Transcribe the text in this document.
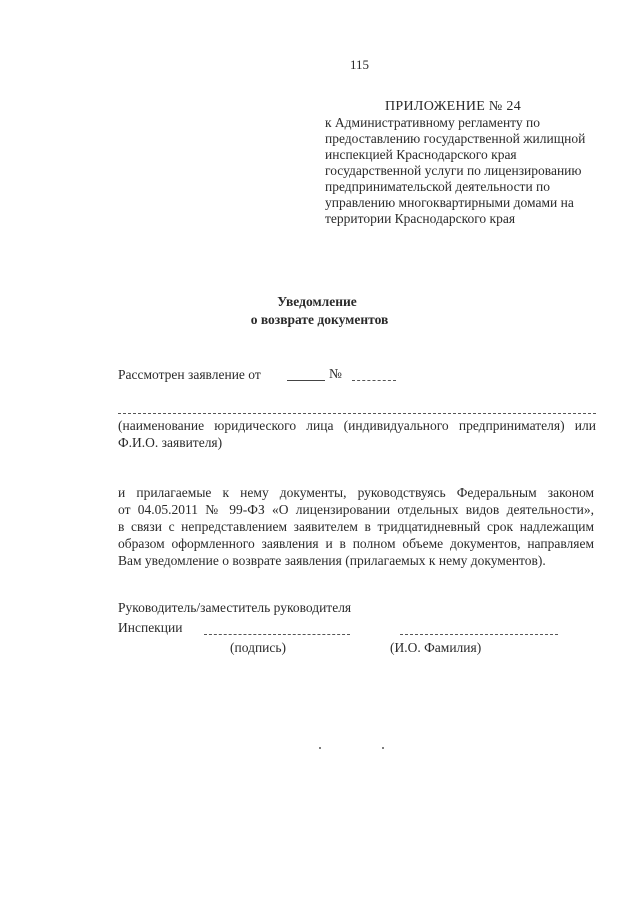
115
ПРИЛОЖЕНИЕ № 24
к Административному регламенту по
предоставлению государственной жилищной
инспекцией Краснодарского края
государственной услуги по лицензированию
предпринимательской деятельности по
управлению многоквартирными домами на
территории Краснодарского края
Уведомление
о возврате документов
Рассмотрен заявление от	№
(наименование юридического лица (индивидуального предпринимателя) или
Ф.И.О. заявителя)
и прилагаемые к нему документы, руководствуясь Федеральным законом
от 04.05.2011 № 99-ФЗ «О лицензировании отдельных видов деятельности»,
в связи с непредставлением заявителем в тридцатидневный срок надлежащим
образом оформленного заявления и в полном объеме документов, направляем
Вам уведомление о возврате заявления (прилагаемых к нему документов).
Руководитель/заместитель руководителя
Инспекции
(подпись)	(И.О. Фамилия)
